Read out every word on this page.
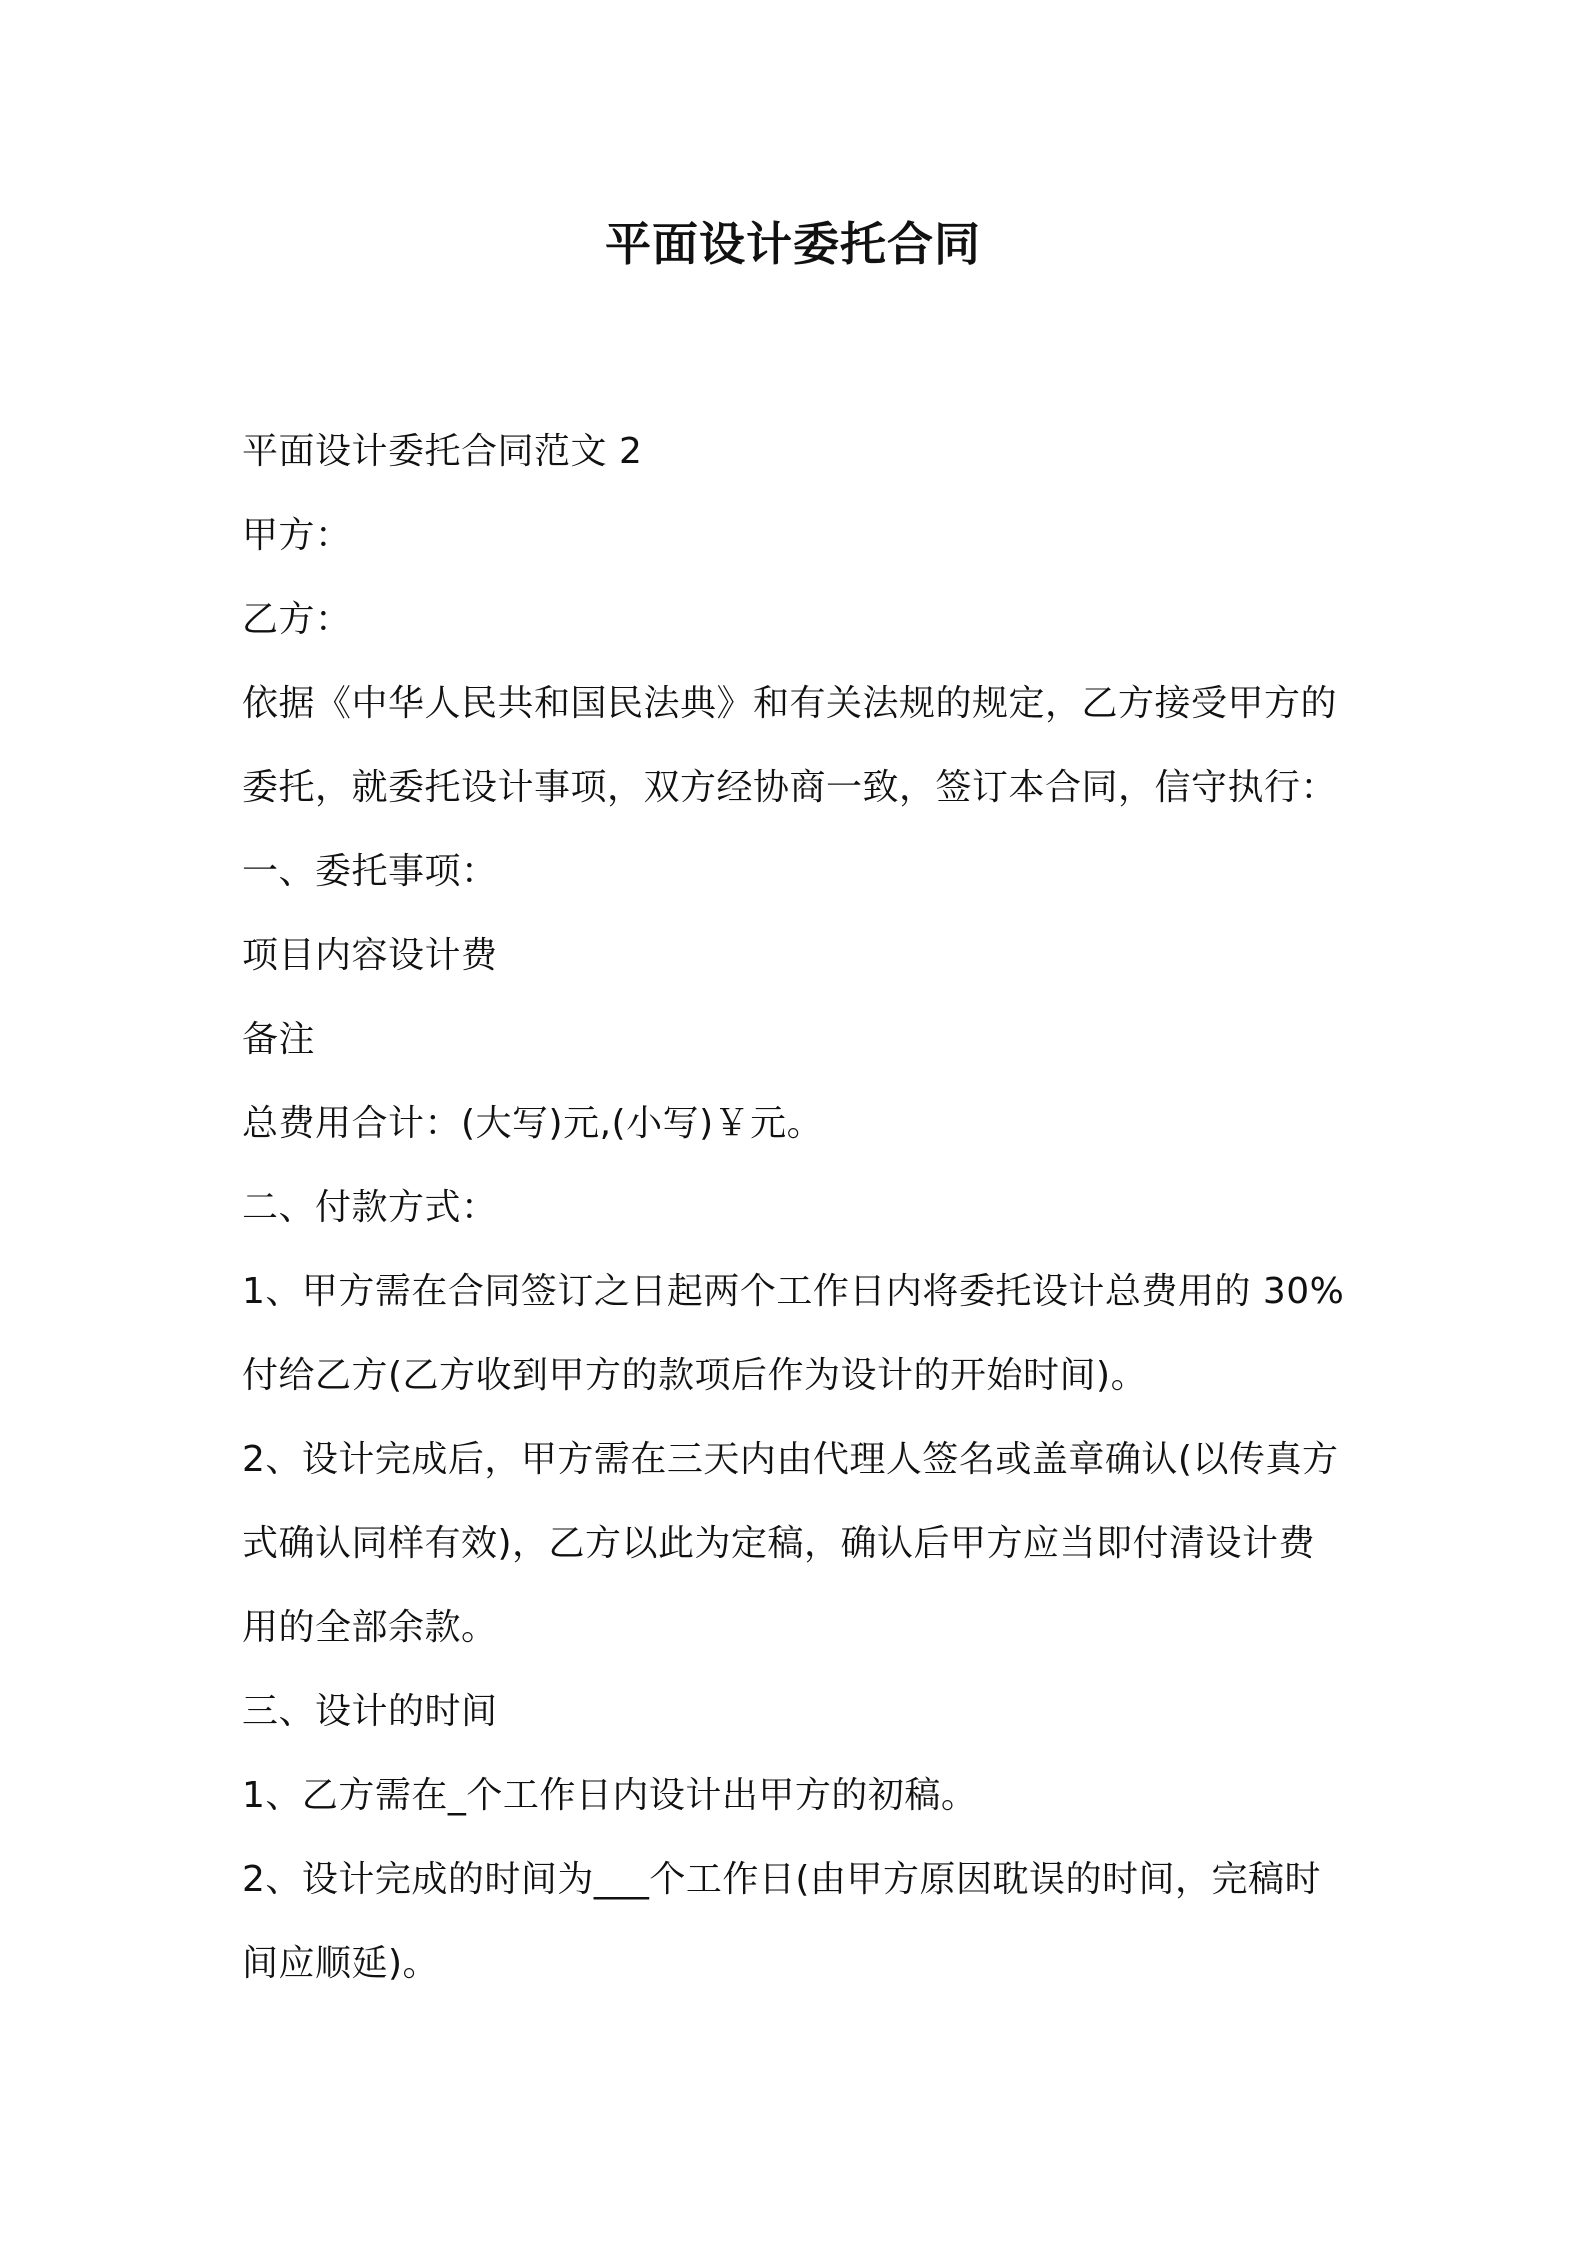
平面设计委托合同

平面设计委托合同范文 2

甲方：

乙方：

依据《中华人民共和国民法典》和有关法规的规定，乙方接受甲方的

委托，就委托设计事项，双方经协商一致，签订本合同，信守执行：

一、委托事项：

项目内容设计费

备注

总费用合计：(大写)元,(小写)￥元。

二、付款方式：

1、甲方需在合同签订之日起两个工作日内将委托设计总费用的 30%

付给乙方(乙方收到甲方的款项后作为设计的开始时间)。

2、设计完成后，甲方需在三天内由代理人签名或盖章确认(以传真方

式确认同样有效)，乙方以此为定稿，确认后甲方应当即付清设计费

用的全部余款。

三、设计的时间

1、乙方需在_个工作日内设计出甲方的初稿。

2、设计完成的时间为___个工作日(由甲方原因耽误的时间，完稿时

间应顺延)。
